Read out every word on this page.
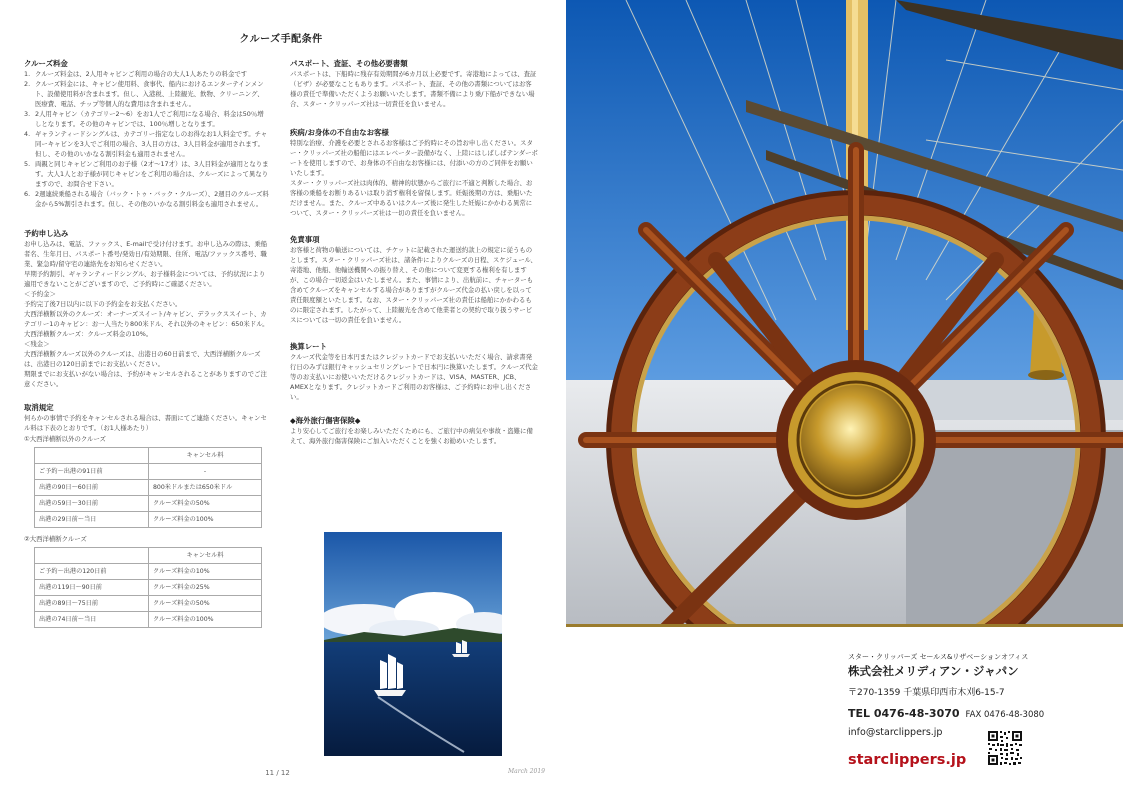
クルーズ手配条件
クルーズ料金
1. クルーズ料金は、2人用キャビンご利用の場合の大人1人あたりの料金です
2. クルーズ料金には、キャビン使用料、食事代、船内におけるエンターテインメント、設備使用料が含まれます。但し、入港税、上陸観光、飲物、クリーニング、医療費、電話、チップ等個人的な費用は含まれません。
3. 2人用キャビン（カテゴリー2〜6）をお1人でご利用になる場合、料金は50％増しとなります。その他のキャビンでは、100％増しとなります。
4. ギャランティードシングルは、カテゴリー指定なしのお得なお1人料金です。チャ同ーキャビンを3人でご利用の場合、3人目の方は、3人目料金が適用されます。但し、その他のいかなる割引料金も適用されません。
5. 両親と同じキャビンご利用のお子様（2才〜17才）は、3人目料金が適用となります。大人1人とお子様が同じキャビンをご利用の場合は、クルーズによって異なりますので、お問合せ下さい。
6. 2週連続乗船される場合（バック・トゥ・バック・クルーズ）、2週目のクルーズ料金から5%割引されます。但し、その他のいかなる割引料金も適用されません。
予約申し込み
お申し込みは、電話、ファックス、E-mailで受け付けます。お申し込みの際は、乗船者名、生年月日、パスポート番号/発効日/有効期限、住所、電話/ファックス番号、職業、緊急時/留守宅の連絡先をお知らせください。
早期予約割引、ギャランティードシングル、お子様料金については、予約状況により適用できないことがございますので、ご予約時にご確認ください。
＜予約金＞
予約完了後7日以内に以下の予約金をお支払ください。
大西洋横断以外のクルーズ：オーナーズスイート/キャビン、デラックススイート、カテゴリー1のキャビン：お一人当たり800米ドル、それ以外のキャビン：650米ドル。
大西洋横断クルーズ：クルーズ料金の10%。
＜残金＞
大西洋横断クルーズ以外のクルーズは、出港日の60日前まで、大西洋横断クルーズは、出港日の120日前までにお支払いください。
期限までにお支払いがない場合は、予約がキャンセルされることがありますのでご注意ください。
取消規定
何らかの事情で予約をキャンセルされる場合は、書面にてご連絡ください。キャンセル料は下表のとおりです。（お1人様あたり）
①大西洋横断以外のクルーズ
	キャンセル料
ご予約〜出港の91日前	-
出港の90日〜60日前	800米ドルまたは650米ドル
出港の59日〜30日前	クルーズ料金の50%
出港の29日前〜当日	クルーズ料金の100%
②大西洋横断クルーズ
	キャンセル料
ご予約〜出港の120日前	クルーズ料金の10%
出港の119日〜90日前	クルーズ料金の25%
出港の89日〜75日前	クルーズ料金の50%
出港の74日前〜当日	クルーズ料金の100%
パスポート、査証、その他必要書類
パスポートは、下船時に残存有効期間が6カ月以上必要です。寄港地によっては、査証（ビザ）が必要なこともあります。パスポート、査証、その他の書類についてはお客様の責任で準備いただくようお願いいたします。書類不備により乗/下船ができない場合、スター・クリッパーズ社は一切責任を負いません。
疾病/お身体の不自由なお客様
特別な治療、介護を必要とされるお客様はご予約時にその旨お申し出ください。スター・クリッパーズ社の船舶にはエレベーター設備がなく、上陸にはしばしばテンダーボートを使用しますので、お身体の不自由なお客様には、付添いの方のご同伴をお願いいたします。
スター・クリッパーズ社は肉体的、精神的状態からご旅行に不適と判断した場合、お客様の乗船をお断りあるいは取り消す権利を留保します。妊娠後期の方は、乗船いただけません。また、クルーズ中あるいはクルーズ後に発生した妊娠にかかわる異常について、スター・クリッパーズ社は一切の責任を負いません。
免責事項
お客様と荷物の輸送については、チケットに記載された運送約款上の規定に従うものとします。スター・クリッパーズ社は、諸条件によりクルーズの日程、スケジュール、寄港地、他船、他輸送機関への振り替え、その他について変更する権利を有しますが、この場合一切返金はいたしません。また、事情により、出航前に、チャーターも含めてクルーズをキャンセルする場合がありますがクルーズ代金の払い戻しを以って責任限度額といたします。なお、スター・クリッパーズ社の責任は船舶にかかわるものに限定されます。したがって、上陸観光を含めて他業者との契約で取り扱うサービスについては一切の責任を負いません。
換算レート
クルーズ代金等を日本円またはクレジットカードでお支払いいただく場合、請求書発行日のみずほ銀行キャッシュセリングレートで日本円に換算いたします。クルーズ代金等のお支払いにお使いいただけるクレジットカードは、VISA、MASTER、JCB、AMEXとなります。クレジットカードご利用のお客様は、ご予約時にお申し出ください。
◆海外旅行傷害保険◆
より安心してご旅行をお楽しみいただくためにも、ご旅行中の病気や事故・盗難に備えて、海外旅行傷害保険にご加入いただくことを強くお勧めいたします。
11 / 12	March 2019
スター・クリッパーズ セールス&リザベーションオフィス
株式会社メリディアン・ジャパン
〒270-1359 千葉県印西市木刈6-15-7
TEL 0476-48-3070 FAX 0476-48-3080
info@starclippers.jp
starclippers.jp
